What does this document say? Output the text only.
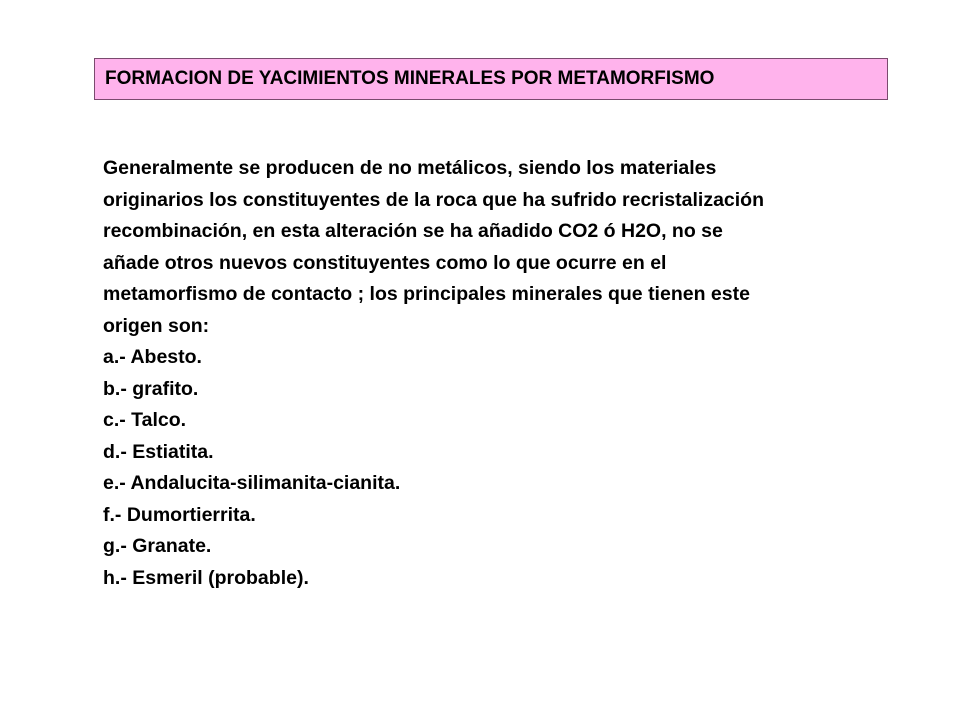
FORMACION DE YACIMIENTOS MINERALES POR METAMORFISMO
Generalmente se producen de no metálicos, siendo los materiales
originarios los constituyentes de la roca que ha sufrido recristalización
recombinación, en esta alteración se ha añadido CO2 ó H2O, no se
añade otros nuevos constituyentes como lo que ocurre en el
metamorfismo de contacto ; los principales minerales que tienen este
origen son:
a.- Abesto.
b.- grafito.
c.- Talco.
d.- Estiatita.
e.- Andalucita-silimanita-cianita.
f.- Dumortierrita.
g.- Granate.
h.- Esmeril (probable).
